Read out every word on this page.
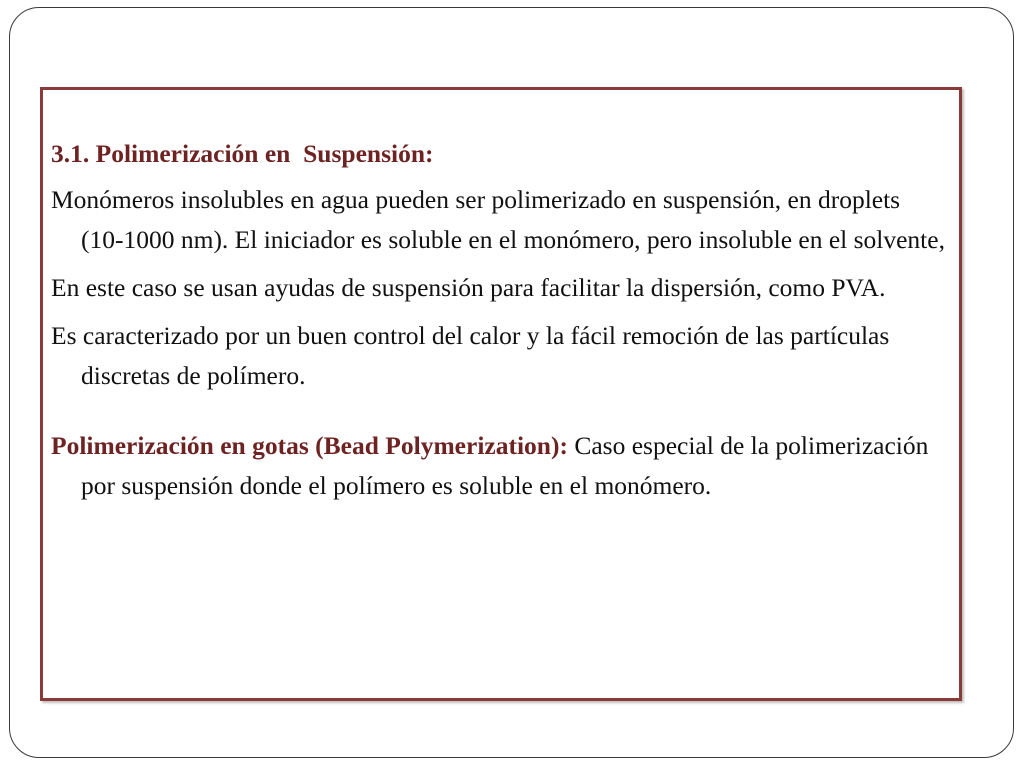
3.1. Polimerización en  Suspensión:

Monómeros insolubles en agua pueden ser polimerizado en suspensión, en droplets (10-1000 nm). El iniciador es soluble en el monómero, pero insoluble en el solvente,

En este caso se usan ayudas de suspensión para facilitar la dispersión, como PVA.

Es caracterizado por un buen control del calor y la fácil remoción de las partículas discretas de polímero.

Polimerización en gotas (Bead Polymerization): Caso especial de la polimerización por suspensión donde el polímero es soluble en el monómero.
